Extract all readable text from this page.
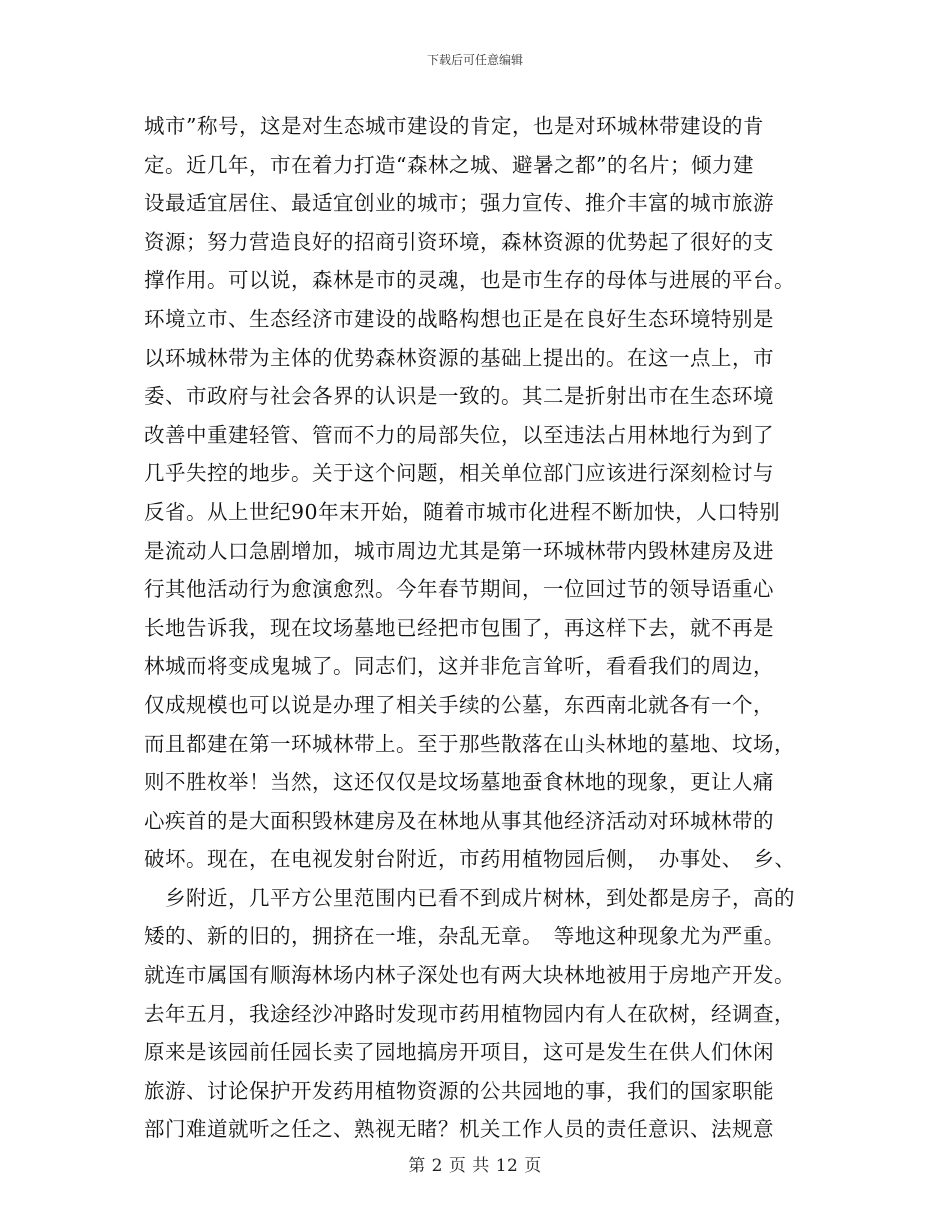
下载后可任意编辑
城市”称号，这是对生态城市建设的肯定，也是对环城林带建设的肯
定。近几年，市在着力打造“森林之城、避暑之都”的名片；倾力建
设最适宜居住、最适宜创业的城市；强力宣传、推介丰富的城市旅游
资源；努力营造良好的招商引资环境，森林资源的优势起了很好的支
撑作用。可以说，森林是市的灵魂，也是市生存的母体与进展的平台。
环境立市、生态经济市建设的战略构想也正是在良好生态环境特别是
以环城林带为主体的优势森林资源的基础上提出的。在这一点上，市
委、市政府与社会各界的认识是一致的。其二是折射出市在生态环境
改善中重建轻管、管而不力的局部失位，以至违法占用林地行为到了
几乎失控的地步。关于这个问题，相关单位部门应该进行深刻检讨与
反省。从上世纪90年末开始，随着市城市化进程不断加快，人口特别
是流动人口急剧增加，城市周边尤其是第一环城林带内毁林建房及进
行其他活动行为愈演愈烈。今年春节期间，一位回过节的领导语重心
长地告诉我，现在坟场墓地已经把市包围了，再这样下去，就不再是
林城而将变成鬼城了。同志们，这并非危言耸听，看看我们的周边，
仅成规模也可以说是办理了相关手续的公墓，东西南北就各有一个，
而且都建在第一环城林带上。至于那些散落在山头林地的墓地、坟场，
则不胜枚举！当然，这还仅仅是坟场墓地蚕食林地的现象，更让人痛
心疾首的是大面积毁林建房及在林地从事其他经济活动对环城林带的
破坏。现在，在电视发射台附近，市药用植物园后侧，　办事处、　乡、
　乡附近，几平方公里范围内已看不到成片树林，到处都是房子，高的
矮的、新的旧的，拥挤在一堆，杂乱无章。　等地这种现象尤为严重。
就连市属国有顺海林场内林子深处也有两大块林地被用于房地产开发。
去年五月，我途经沙冲路时发现市药用植物园内有人在砍树，经调查，
原来是该园前任园长卖了园地搞房开项目，这可是发生在供人们休闲
旅游、讨论保护开发药用植物资源的公共园地的事，我们的国家职能
部门难道就听之任之、熟视无睹？机关工作人员的责任意识、法规意
第 2 页 共 12 页
